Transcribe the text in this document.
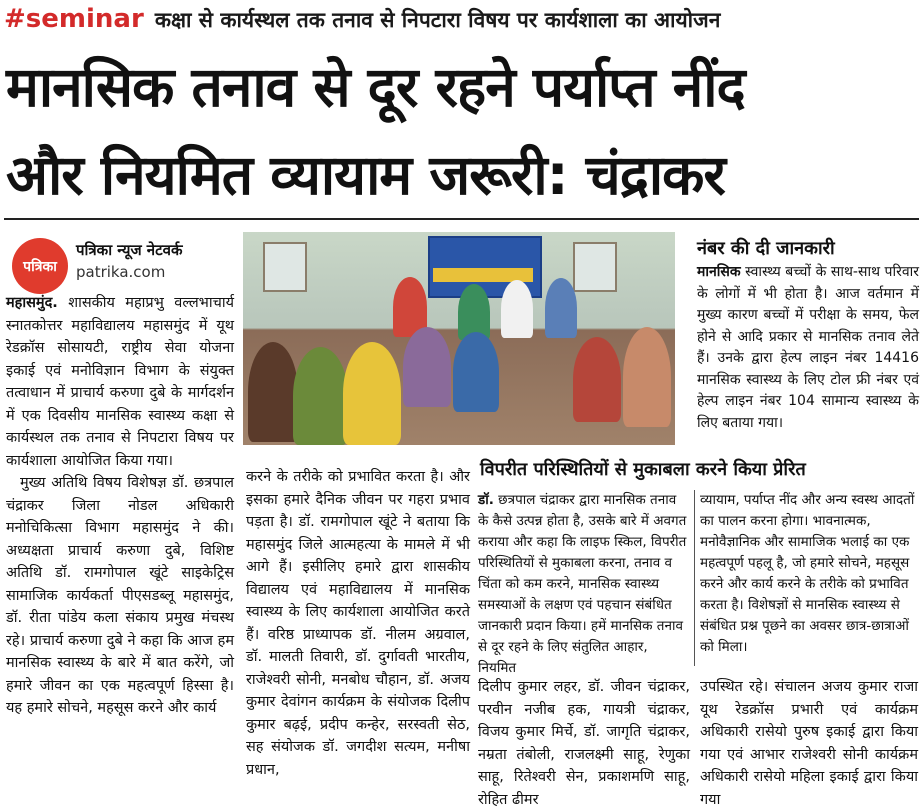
#seminar कक्षा से कार्यस्थल तक तनाव से निपटारा विषय पर कार्यशाला का आयोजन
मानसिक तनाव से दूर रहने पर्याप्त नींद
और नियमित व्यायाम जरूरी: चंद्राकर
पत्रिका
पत्रिका न्यूज नेटवर्क
patrika.com

महासमुंद. शासकीय महाप्रभु वल्लभाचार्य स्नातकोत्तर महाविद्यालय महासमुंद में यूथ रेडक्रॉस सोसायटी, राष्ट्रीय सेवा योजना इकाई एवं मनोविज्ञान विभाग के संयुक्त तत्वाधान में प्राचार्य करुणा दुबे के मार्गदर्शन में एक दिवसीय मानसिक स्वास्थ्य कक्षा से कार्यस्थल तक तनाव से निपटारा विषय पर कार्यशाला आयोजित किया गया।

मुख्य अतिथि विषय विशेषज्ञ डॉ. छत्रपाल चंद्राकर जिला नोडल अधिकारी मनोचिकित्सा विभाग महासमुंद ने की। अध्यक्षता प्राचार्य करुणा दुबे, विशिष्ट अतिथि डॉ. रामगोपाल खूंटे साइकेट्रिस सामाजिक कार्यकर्ता पीएसडब्लू महासमुंद, डॉ. रीता पांडेय कला संकाय प्रमुख मंचस्थ रहे। प्राचार्य करुणा दुबे ने कहा कि आज हम मानसिक स्वास्थ्य के बारे में बात करेंगे, जो हमारे जीवन का एक महत्वपूर्ण हिस्सा है। यह हमारे सोचने, महसूस करने और कार्य

करने के तरीके को प्रभावित करता है। और इसका हमारे दैनिक जीवन पर गहरा प्रभाव पड़ता है। डॉ. रामगोपाल खूंटे ने बताया कि महासमुंद जिले आत्महत्या के मामले में भी आगे हैं। इसीलिए हमारे द्वारा शासकीय विद्यालय एवं महाविद्यालय में मानसिक स्वास्थ्य के लिए कार्यशाला आयोजित करते हैं। वरिष्ठ प्राध्यापक डॉ. नीलम अग्रवाल, डॉ. मालती तिवारी, डॉ. दुर्गावती भारतीय, राजेश्वरी सोनी, मनबोध चौहान, डॉ. अजय कुमार देवांगन कार्यक्रम के संयोजक दिलीप कुमार बढ़ई, प्रदीप कन्हेर, सरस्वती सेठ, सह संयोजक डॉ. जगदीश सत्यम, मनीषा प्रधान,

नंबर की दी जानकारी
मानसिक स्वास्थ्य बच्चों के साथ-साथ परिवार के लोगों में भी होता है। आज वर्तमान में मुख्य कारण बच्चों में परीक्षा के समय, फेल होने से आदि प्रकार से मानसिक तनाव लेते हैं। उनके द्वारा हेल्प लाइन नंबर 14416 मानसिक स्वास्थ्य के लिए टोल फ्री नंबर एवं हेल्प लाइन नंबर 104 सामान्य स्वास्थ्य के लिए बताया गया।
विपरीत परिस्थितियों से मुकाबला करने किया प्रेरित
डॉ. छत्रपाल चंद्राकर द्वारा मानसिक तनाव के कैसे उत्पन्न होता है, उसके बारे में अवगत कराया और कहा कि लाइफ स्किल, विपरीत परिस्थितियों से मुकाबला करना, तनाव व चिंता को कम करने, मानसिक स्वास्थ्य समस्याओं के लक्षण एवं पहचान संबंधित जानकारी प्रदान किया। हमें मानसिक तनाव से दूर रहने के लिए संतुलित आहार, नियमित
व्यायाम, पर्याप्त नींद और अन्य स्वस्थ आदतों का पालन करना होगा। भावनात्मक, मनोवैज्ञानिक और सामाजिक भलाई का एक महत्वपूर्ण पहलू है, जो हमारे सोचने, महसूस करने और कार्य करने के तरीके को प्रभावित करता है। विशेषज्ञों से मानसिक स्वास्थ्य से संबंधित प्रश्न पूछने का अवसर छात्र-छात्राओं को मिला।

दिलीप कुमार लहर, डॉ. जीवन चंद्राकर, परवीन नजीब हक, गायत्री चंद्राकर, विजय कुमार मिर्चे, डॉ. जागृति चंद्राकर, नम्रता तंबोली, राजलक्ष्मी साहू, रेणुका साहू, रितेश्वरी सेन, प्रकाशमणि साहू, रोहित ढीमर

उपस्थित रहे। संचालन अजय कुमार राजा यूथ रेडक्रॉस प्रभारी एवं कार्यक्रम अधिकारी रासेयो पुरुष इकाई द्वारा किया गया एवं आभार राजेश्वरी सोनी कार्यक्रम अधिकारी रासेयो महिला इकाई द्वारा किया गया
